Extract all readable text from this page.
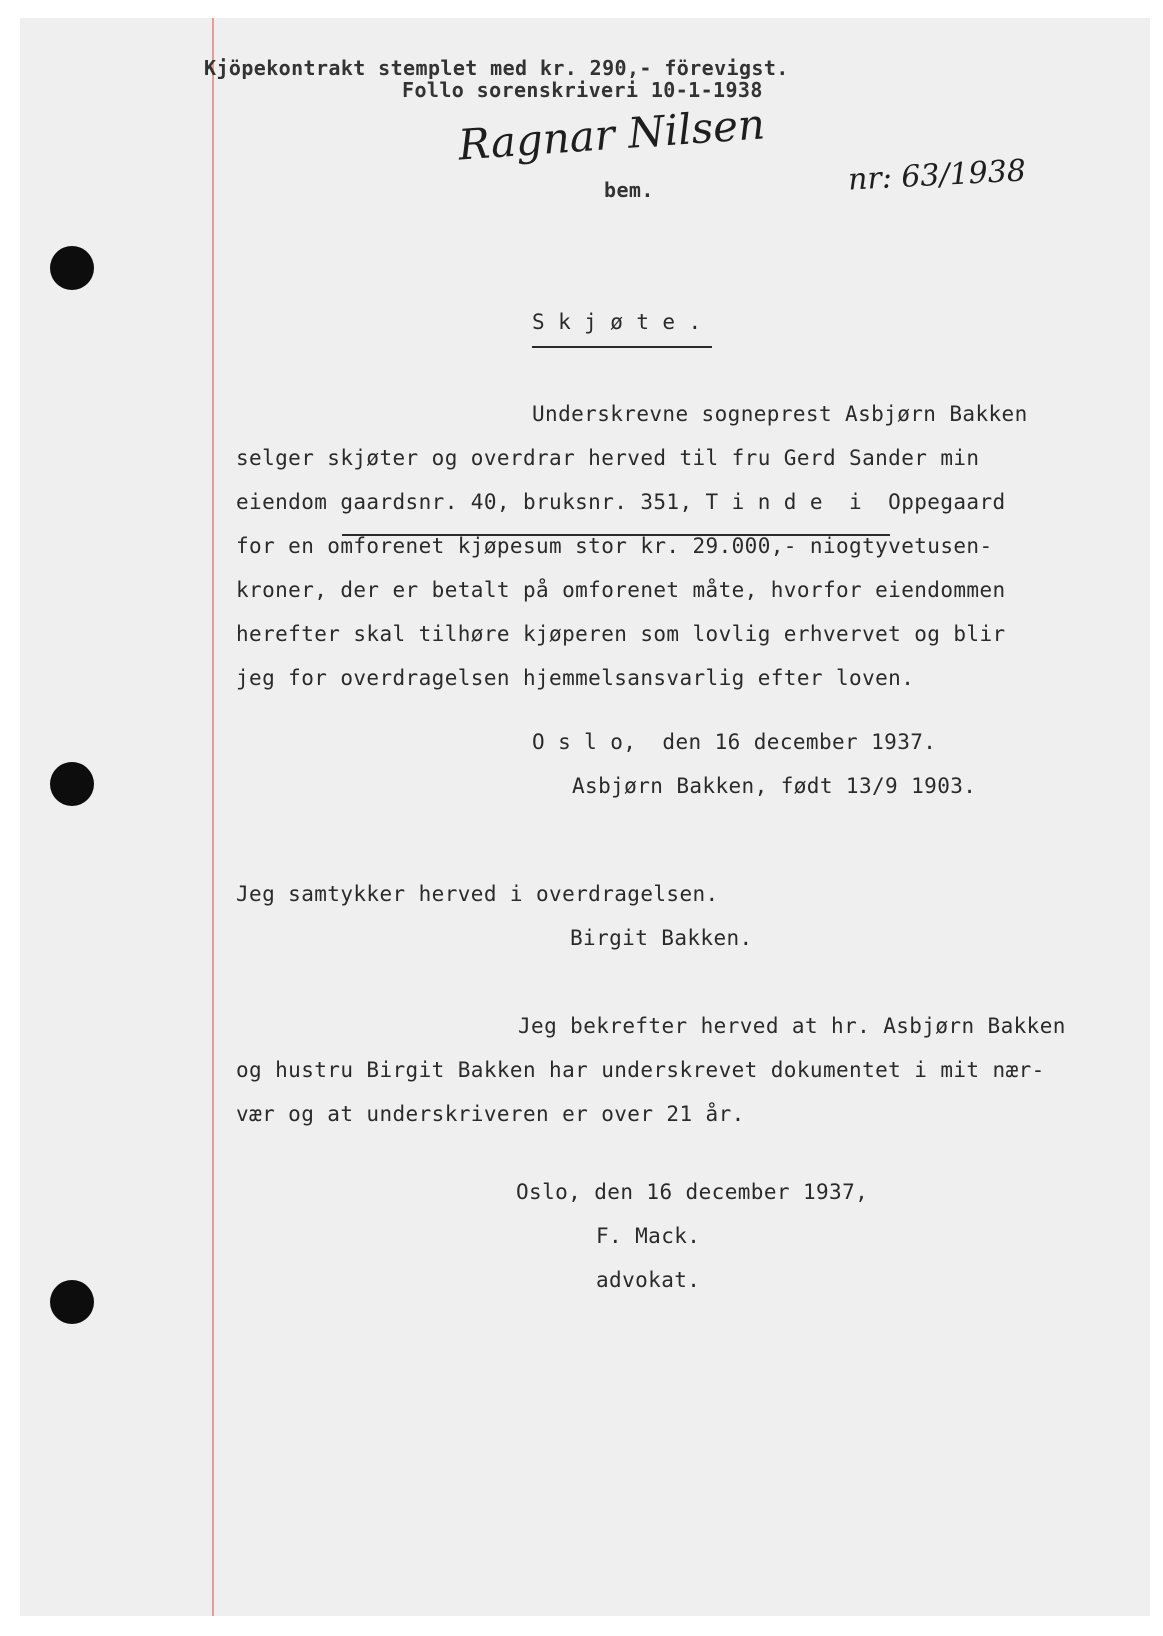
Kjöpekontrakt stemplet med kr. 290,- förevigst.
Follo sorenskriveri 10-1-1938
Ragnar Nilsen
bem.	nr: 63/1938
S k j ø t e .
Underskrevne sogneprest Asbjørn Bakken
selger skjøter og overdrar herved til fru Gerd Sander min
eiendom gaardsnr. 40, bruksnr. 351, T i n d e  i  Oppegaard
for en omforenet kjøpesum stor kr. 29.000,- niogtyvetusen-
kroner, der er betalt på omforenet måte, hvorfor eiendommen
herefter skal tilhøre kjøperen som lovlig erhvervet og blir
jeg for overdragelsen hjemmelsansvarlig efter loven.
O s l o,  den 16 december 1937.
Asbjørn Bakken, født 13/9 1903.
Jeg samtykker herved i overdragelsen.
Birgit Bakken.
Jeg bekrefter herved at hr. Asbjørn Bakken
og hustru Birgit Bakken har underskrevet dokumentet i mit nær-
vær og at underskriveren er over 21 år.
Oslo, den 16 december 1937,
F. Mack.
advokat.
